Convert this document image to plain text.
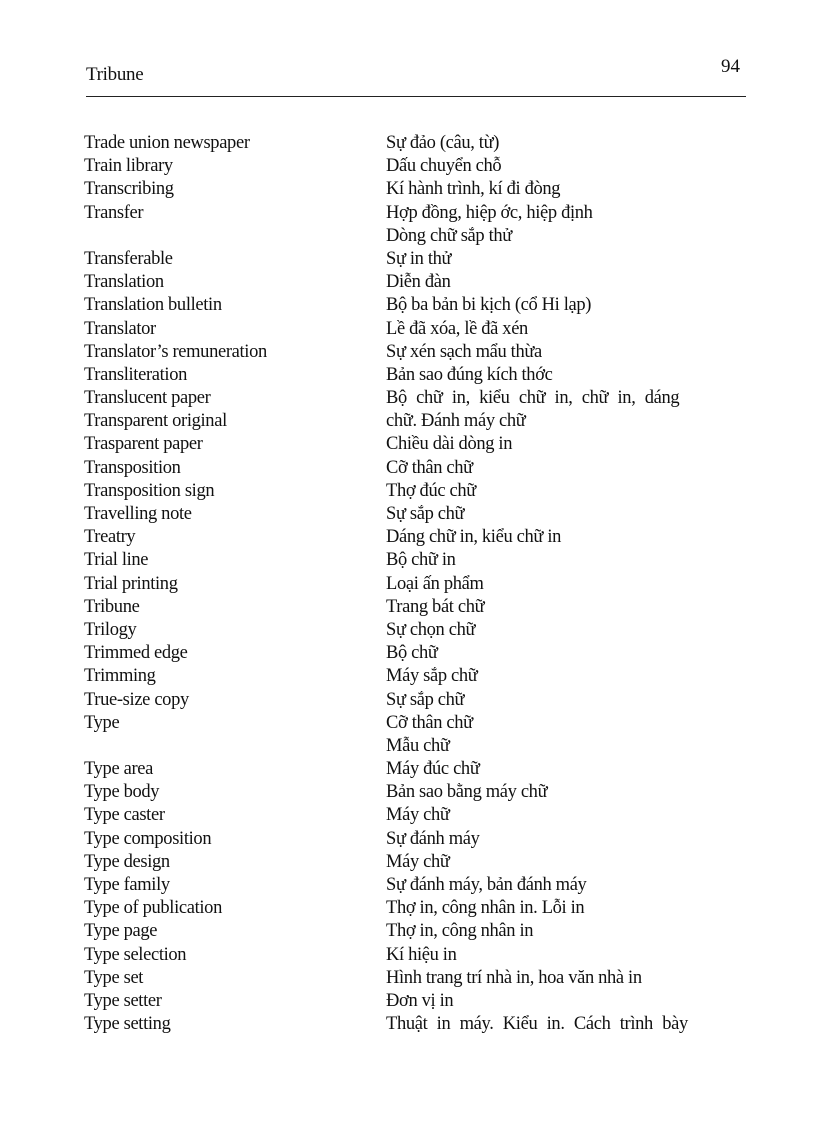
Tribune	94
Trade union newspaper	Sự đảo (câu, từ)
Train library	Dấu chuyển chỗ
Transcribing	Kí hành trình, kí đi đòng
Transfer	Hợp đồng, hiệp ớc, hiệp định
Dòng chữ sắp thử
Transferable	Sự in thử
Translation	Diễn đàn
Translation bulletin	Bộ ba bản bi kịch (cổ Hi lạp)
Translator	Lề đã xóa, lề đã xén
Translator’s remuneration	Sự xén sạch mẩu thừa
Transliteration	Bản sao đúng kích thớc
Translucent paper	Bộ chữ in, kiểu chữ in, chữ in, dáng
Transparent original	chữ. Đánh máy chữ
Trasparent paper	Chiều dài dòng in
Transposition	Cỡ thân chữ
Transposition sign	Thợ đúc chữ
Travelling note	Sự sắp chữ
Treatry	Dáng chữ in, kiểu chữ in
Trial line	Bộ chữ in
Trial printing	Loại ấn phẩm
Tribune	Trang bát chữ
Trilogy	Sự chọn chữ
Trimmed edge	Bộ chữ
Trimming	Máy sắp chữ
True-size copy	Sự sắp chữ
Type	Cỡ thân chữ
Mẫu chữ
Type area	Máy đúc chữ
Type body	Bản sao bằng máy chữ
Type caster	Máy chữ
Type composition	Sự đánh máy
Type design	Máy chữ
Type family	Sự đánh máy, bản đánh máy
Type of publication	Thợ in, công nhân in. Lỗi in
Type page	Thợ in, công nhân in
Type selection	Kí hiệu in
Type set	Hình trang trí nhà in, hoa văn nhà in
Type setter	Đơn vị in
Type setting	Thuật in máy. Kiểu in. Cách trình bày
